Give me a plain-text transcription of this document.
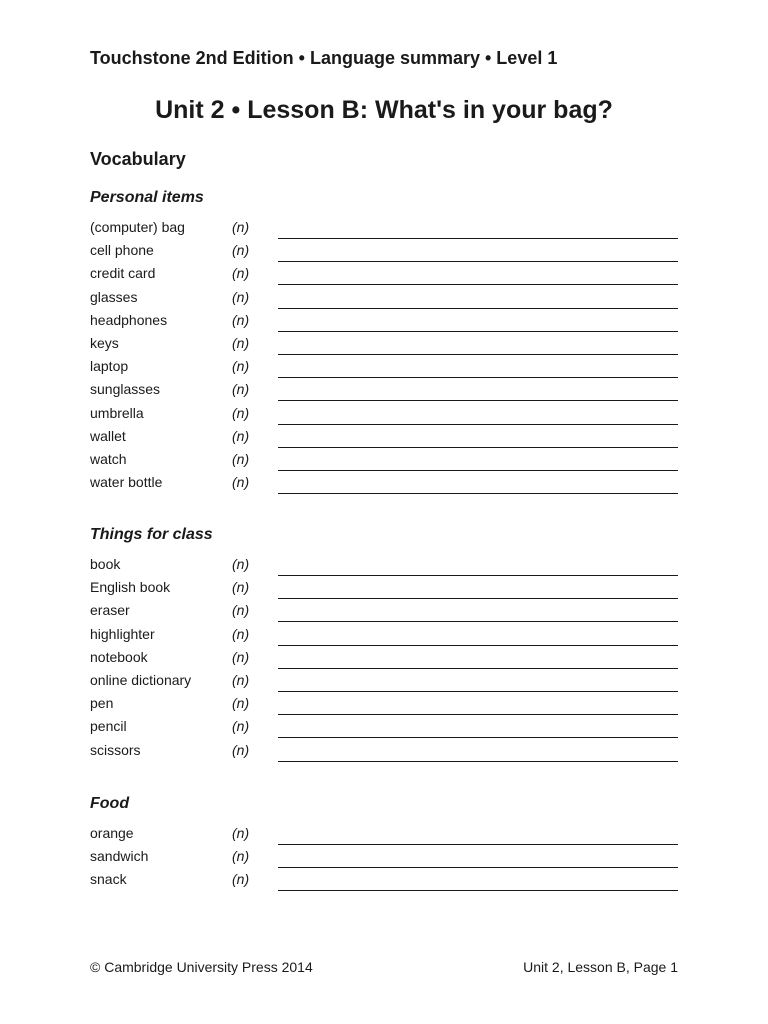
Touchstone 2nd Edition • Language summary • Level 1
Unit 2 • Lesson B: What's in your bag?
Vocabulary
Personal items
(computer) bag	(n)
cell phone	(n)
credit card	(n)
glasses	(n)
headphones	(n)
keys	(n)
laptop	(n)
sunglasses	(n)
umbrella	(n)
wallet	(n)
watch	(n)
water bottle	(n)
Things for class
book	(n)
English book	(n)
eraser	(n)
highlighter	(n)
notebook	(n)
online dictionary	(n)
pen	(n)
pencil	(n)
scissors	(n)
Food
orange	(n)
sandwich	(n)
snack	(n)
© Cambridge University Press 2014	Unit 2, Lesson B, Page 1
